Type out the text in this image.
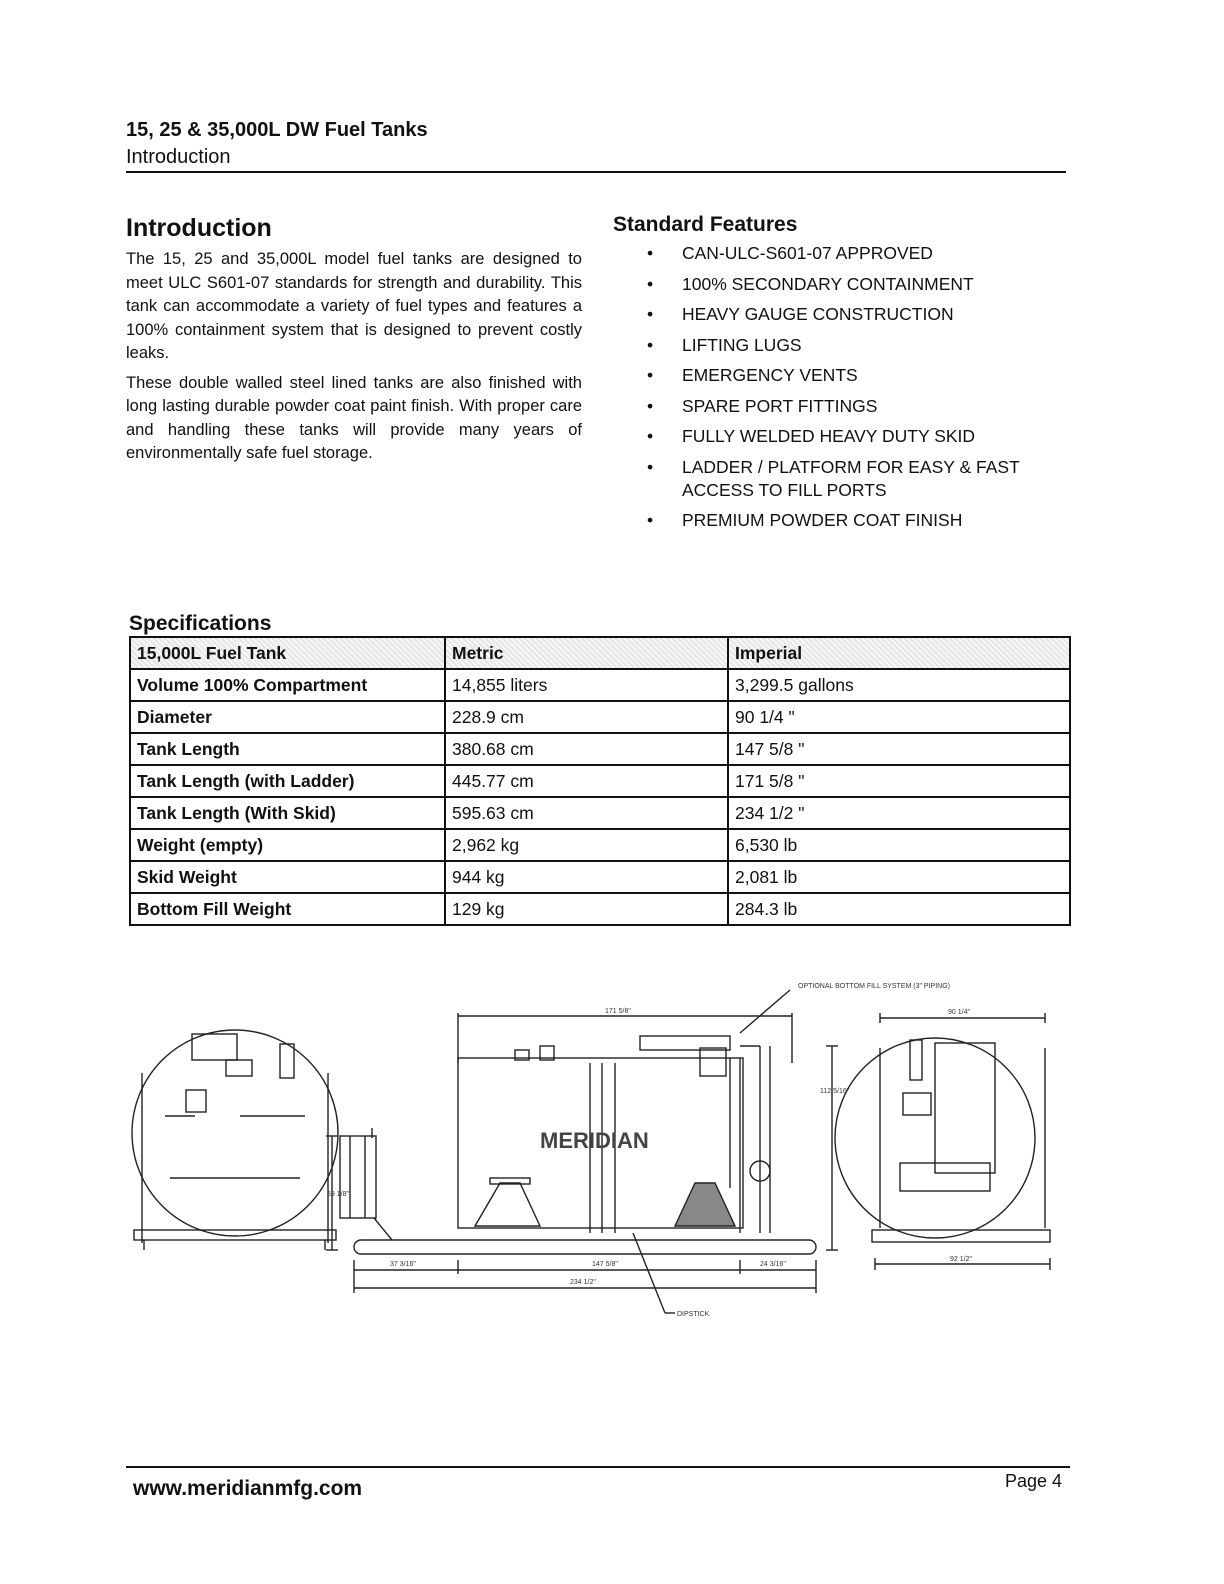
15, 25 & 35,000L DW Fuel Tanks
Introduction
Introduction

The 15, 25 and 35,000L model fuel tanks are designed to meet ULC S601-07 standards for strength and durability. This tank can accommodate a variety of fuel types and features a 100% containment system that is designed to prevent costly leaks.

These double walled steel lined tanks are also finished with long lasting durable powder coat paint finish. With proper care and handling these tanks will provide many years of environmentally safe fuel storage.

Standard Features
• CAN-ULC-S601-07 APPROVED
• 100% SECONDARY CONTAINMENT
• HEAVY GAUGE CONSTRUCTION
• LIFTING LUGS
• EMERGENCY VENTS
• SPARE PORT FITTINGS
• FULLY WELDED HEAVY DUTY SKID
• LADDER / PLATFORM FOR EASY & FAST ACCESS TO FILL PORTS
• PREMIUM POWDER COAT FINISH
Specifications
15,000L Fuel Tank	Metric	Imperial
Volume 100% Compartment	14,855 liters	3,299.5 gallons
Diameter	228.9 cm	90 1/4 "
Tank Length	380.68 cm	147 5/8 "
Tank Length (with Ladder)	445.77 cm	171 5/8 "
Tank Length (With Skid)	595.63 cm	234 1/2 "
Weight (empty)	2,962 kg	6,530 lb
Skid Weight	944 kg	2,081 lb
Bottom Fill Weight	129 kg	284.3 lb
MERIDIAN
OPTIONAL BOTTOM FILL SYSTEM (3" PIPING)
DIPSTICK
171 5/8"
112 5/16"
59 1/8"
37 3/16"	147 5/8"	24 3/16"
234 1/2"
90 1/4"
92 1/2"
www.meridianmfg.com	Page 4
